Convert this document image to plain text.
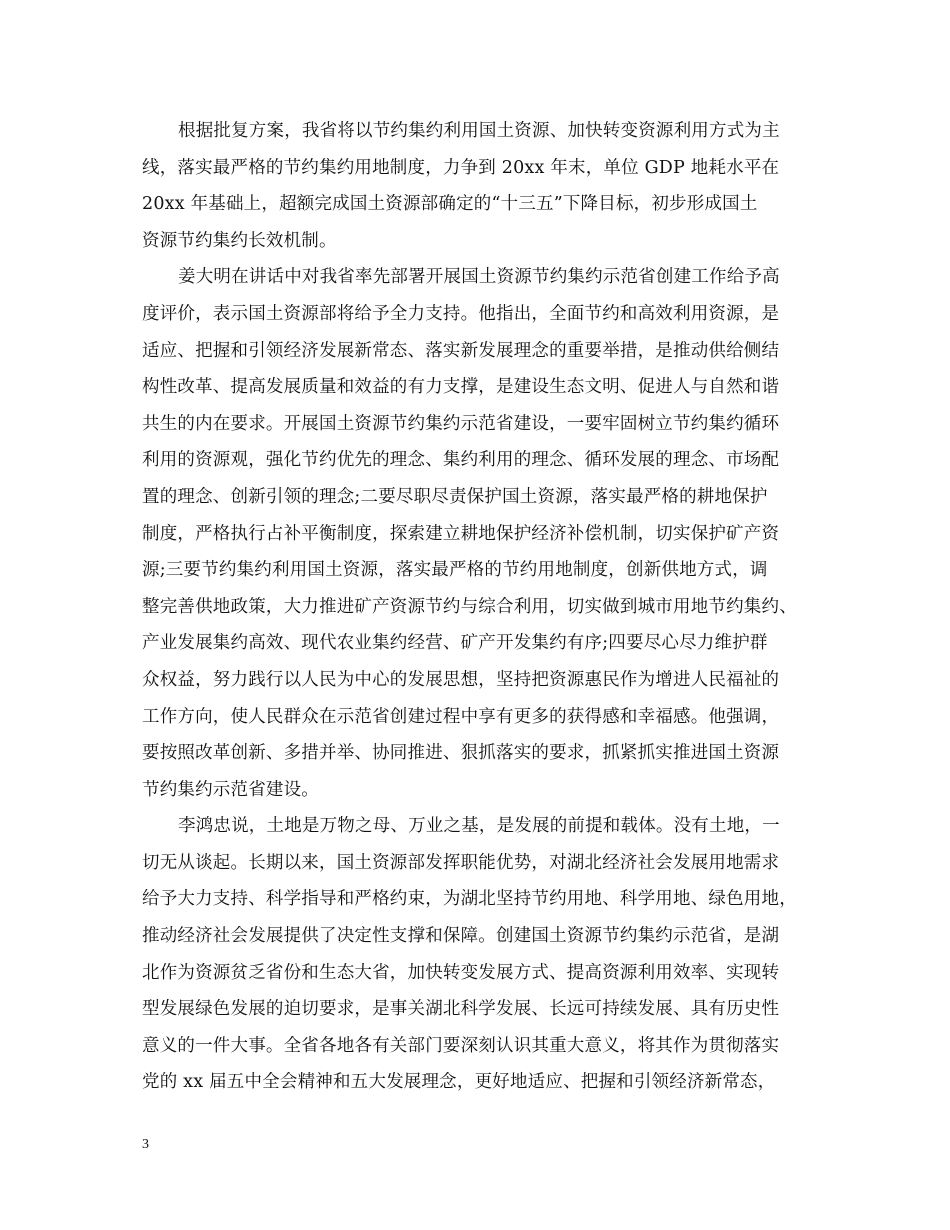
根据批复方案，我省将以节约集约利用国土资源、加快转变资源利用方式为主
线，落实最严格的节约集约用地制度，力争到 20xx 年末，单位 GDP 地耗水平在
20xx 年基础上，超额完成国土资源部确定的“十三五”下降目标，初步形成国土
资源节约集约长效机制。
姜大明在讲话中对我省率先部署开展国土资源节约集约示范省创建工作给予高
度评价，表示国土资源部将给予全力支持。他指出，全面节约和高效利用资源，是
适应、把握和引领经济发展新常态、落实新发展理念的重要举措，是推动供给侧结
构性改革、提高发展质量和效益的有力支撑，是建设生态文明、促进人与自然和谐
共生的内在要求。开展国土资源节约集约示范省建设，一要牢固树立节约集约循环
利用的资源观，强化节约优先的理念、集约利用的理念、循环发展的理念、市场配
置的理念、创新引领的理念;二要尽职尽责保护国土资源，落实最严格的耕地保护
制度，严格执行占补平衡制度，探索建立耕地保护经济补偿机制，切实保护矿产资
源;三要节约集约利用国土资源，落实最严格的节约用地制度，创新供地方式，调
整完善供地政策，大力推进矿产资源节约与综合利用，切实做到城市用地节约集约、
产业发展集约高效、现代农业集约经营、矿产开发集约有序;四要尽心尽力维护群
众权益，努力践行以人民为中心的发展思想，坚持把资源惠民作为增进人民福祉的
工作方向，使人民群众在示范省创建过程中享有更多的获得感和幸福感。他强调，
要按照改革创新、多措并举、协同推进、狠抓落实的要求，抓紧抓实推进国土资源
节约集约示范省建设。
李鸿忠说，土地是万物之母、万业之基，是发展的前提和载体。没有土地，一
切无从谈起。长期以来，国土资源部发挥职能优势，对湖北经济社会发展用地需求
给予大力支持、科学指导和严格约束，为湖北坚持节约用地、科学用地、绿色用地，
推动经济社会发展提供了决定性支撑和保障。创建国土资源节约集约示范省，是湖
北作为资源贫乏省份和生态大省，加快转变发展方式、提高资源利用效率、实现转
型发展绿色发展的迫切要求，是事关湖北科学发展、长远可持续发展、具有历史性
意义的一件大事。全省各地各有关部门要深刻认识其重大意义，将其作为贯彻落实
党的 xx 届五中全会精神和五大发展理念，更好地适应、把握和引领经济新常态，
3
